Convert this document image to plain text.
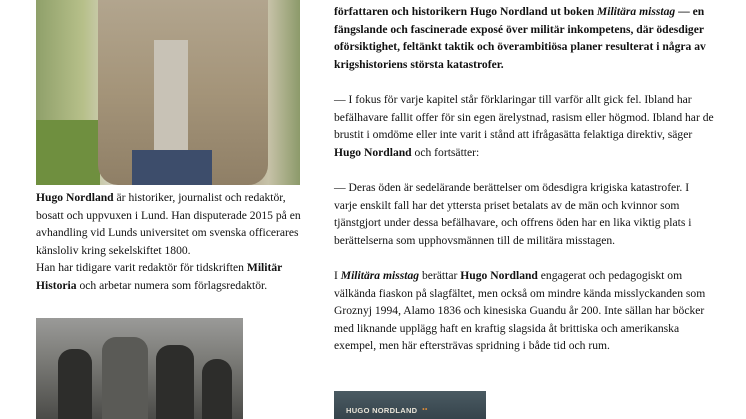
Hugo Nordland är historiker, journalist och redaktör, bosatt och uppvuxen i Lund. Han disputerade 2015 på en avhandling vid Lunds universitet om svenska officerares känsloliv kring sekelskiftet 1800.

Han har tidigare varit redaktör för tidskriften Militär Historia och arbetar numera som förlagsredaktör.

författaren och historikern Hugo Nordland ut boken Militära misstag — en fängslande och fascinerade exposé över militär inkompetens, där ödesdiger oförsiktighet, feltänkt taktik och överambitiösa planer resulterat i några av krigshistoriens största katastrofer.

— I fokus för varje kapitel står förklaringar till varför allt gick fel. Ibland har befälhavare fallit offer för sin egen ärelystnad, rasism eller högmod. Ibland har de brustit i omdöme eller inte varit i stånd att ifrågasätta felaktiga direktiv, säger Hugo Nordland och fortsätter:

— Deras öden är sedelärande berättelser om ödesdigra krigiska katastrofer. I varje enskilt fall har det yttersta priset betalats av de män och kvinnor som tjänstgjort under dessa befälhavare, och offrens öden har en lika viktig plats i berättelserna som upphovsmännen till de militära misstagen.

I Militära misstag berättar Hugo Nordland engagerat och pedagogiskt om välkända fiaskon på slagfältet, men också om mindre kända misslyckanden som Groznyj 1994, Alamo 1836 och kinesiska Guandu år 200. Inte sällan har böcker med liknande upplägg haft en kraftig slagsida åt brittiska och amerikanska exempel, men här eftersträvas spridning i både tid och rum.

HUGO NORDLAND ••
